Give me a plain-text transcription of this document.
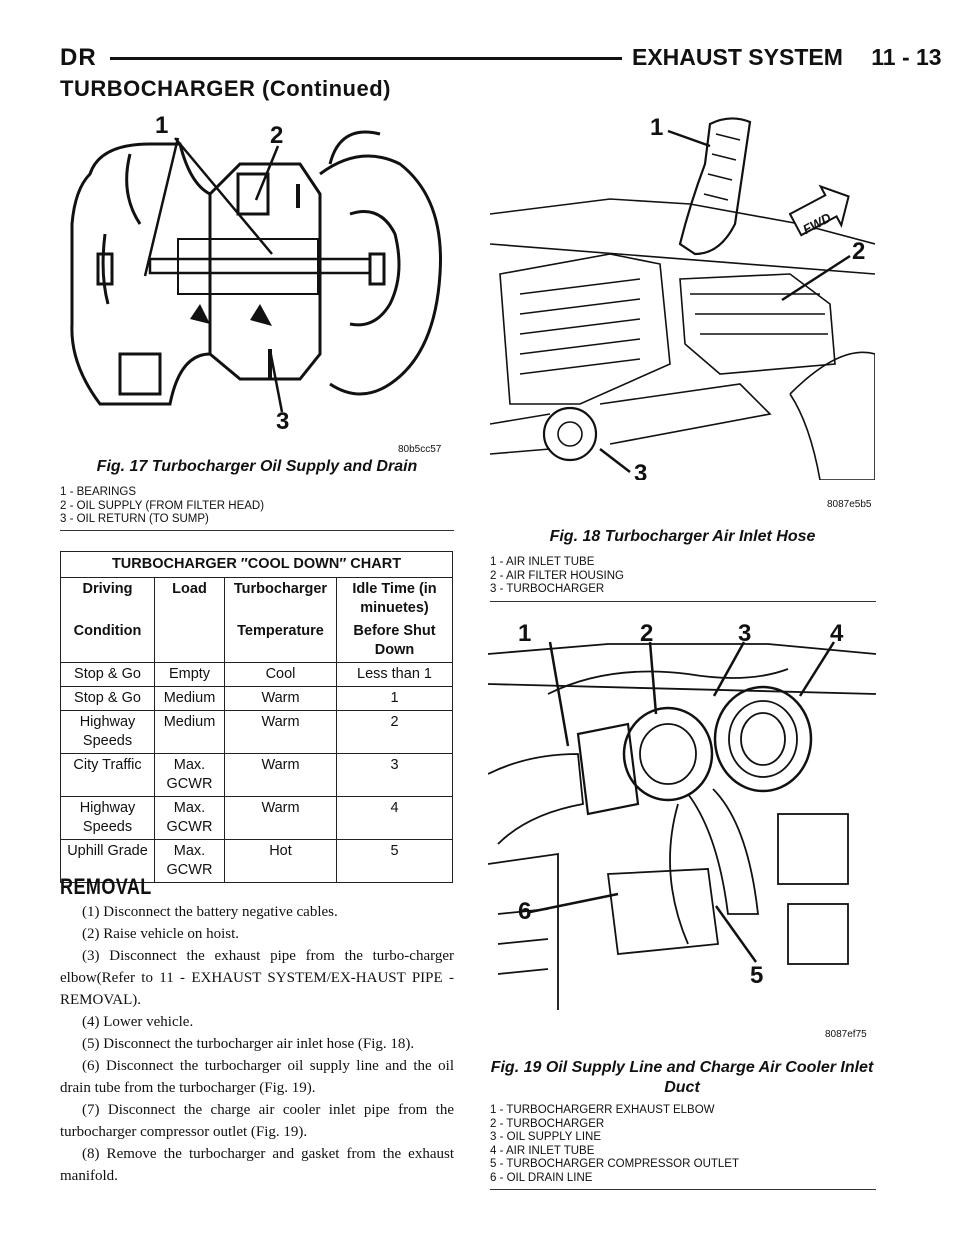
DR	EXHAUST SYSTEM 11 - 13
TURBOCHARGER (Continued)
1	2
3
80b5cc57
Fig. 17 Turbocharger Oil Supply and Drain
1 - BEARINGS
2 - OIL SUPPLY (FROM FILTER HEAD)
3 - OIL RETURN (TO SUMP)
TURBOCHARGER ″COOL DOWN″ CHART			
Driving	Load	Turbocharger	Idle Time (in minuetes)
Condition		Temperature	Before Shut Down
Stop & Go	Empty	Cool	Less than 1
Stop & Go	Medium	Warm	1
Highway Speeds	Medium	Warm	2
City Traffic	Max. GCWR	Warm	3
Highway Speeds	Max. GCWR	Warm	4
Uphill Grade	Max. GCWR	Hot	5
REMOVAL

(1) Disconnect the battery negative cables.

(2) Raise vehicle on hoist.

(3) Disconnect the exhaust pipe from the turbo-charger elbow(Refer to 11 - EXHAUST SYSTEM/EX-HAUST PIPE - REMOVAL).

(4) Lower vehicle.

(5) Disconnect the turbocharger air inlet hose (Fig. 18).

(6) Disconnect the turbocharger oil supply line and the oil drain tube from the turbocharger (Fig. 19).

(7) Disconnect the charge air cooler inlet pipe from the turbocharger compressor outlet (Fig. 19).

(8) Remove the turbocharger and gasket from the exhaust manifold.

1
2
3
FWD
8087e5b5
Fig. 18 Turbocharger Air Inlet Hose
1 - AIR INLET TUBE
2 - AIR FILTER HOUSING
3 - TURBOCHARGER
1	2	3	4
5
6
8087ef75
Fig. 19 Oil Supply Line and Charge Air Cooler Inlet
Duct
1 - TURBOCHARGERR EXHAUST ELBOW
2 - TURBOCHARGER
3 - OIL SUPPLY LINE
4 - AIR INLET TUBE
5 - TURBOCHARGER COMPRESSOR OUTLET
6 - OIL DRAIN LINE
